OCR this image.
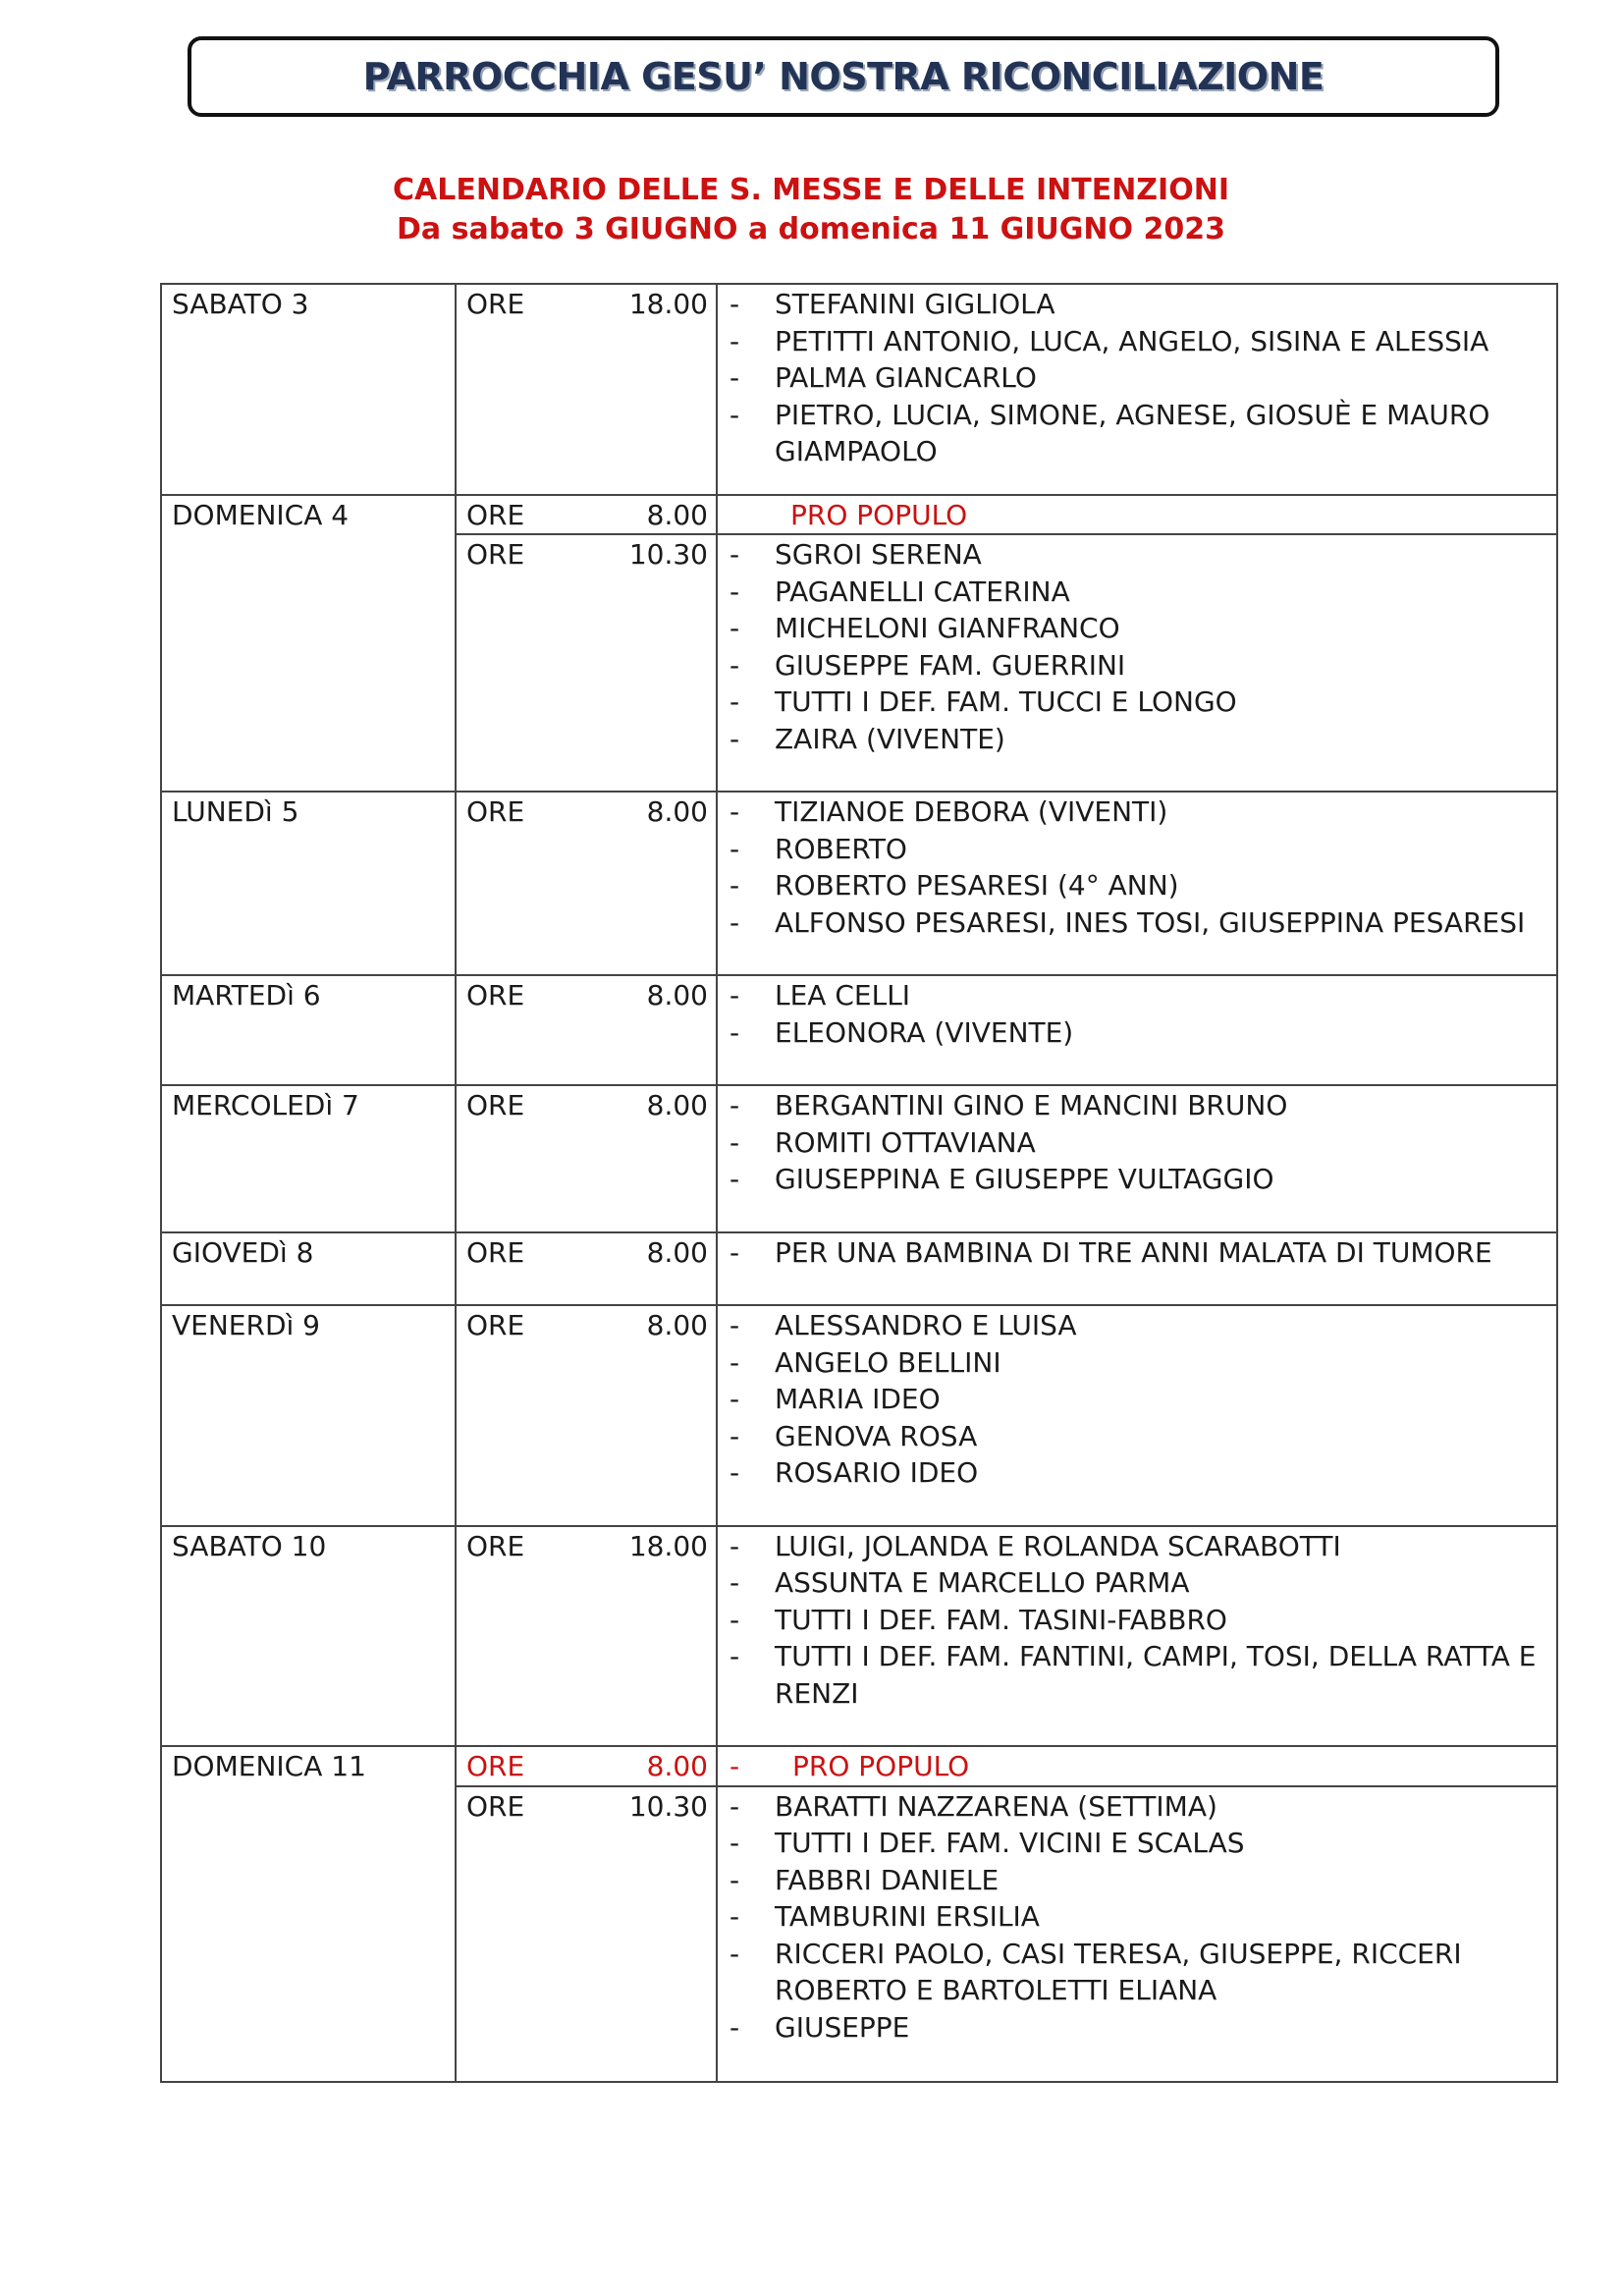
PARROCCHIA GESU’ NOSTRA RICONCILIAZIONE
CALENDARIO DELLE S. MESSE E DELLE INTENZIONI
Da sabato 3 GIUGNO a domenica 11 GIUGNO 2023
SABATO 3	ORE	18.00 -	STEFANINI GIGLIOLA
-	PETITTI ANTONIO, LUCA, ANGELO, SISINA E ALESSIA
-	PALMA GIANCARLO
-	PIETRO, LUCIA, SIMONE, AGNESE, GIOSUÈ E MAURO GIAMPAOLO
DOMENICA 4	ORE	8.00	PRO POPULO
ORE	10.30 -	SGROI SERENA
-	PAGANELLI CATERINA
-	MICHELONI GIANFRANCO
-	GIUSEPPE FAM. GUERRINI
-	TUTTI I DEF. FAM. TUCCI E LONGO
-	ZAIRA (VIVENTE)
LUNEDì 5	ORE	8.00 -	TIZIANOE DEBORA (VIVENTI)
-	ROBERTO
-	ROBERTO PESARESI (4° ANN)
-	ALFONSO PESARESI, INES TOSI, GIUSEPPINA PESARESI
MARTEDì 6	ORE	8.00 -	LEA CELLI
-	ELEONORA (VIVENTE)
MERCOLEDì 7	ORE	8.00 -	BERGANTINI GINO E MANCINI BRUNO
-	ROMITI OTTAVIANA
-	GIUSEPPINA E GIUSEPPE VULTAGGIO
GIOVEDì 8	ORE	8.00 -	PER UNA BAMBINA DI TRE ANNI MALATA DI TUMORE
VENERDì 9	ORE	8.00 -	ALESSANDRO E LUISA
-	ANGELO BELLINI
-	MARIA IDEO
-	GENOVA ROSA
-	ROSARIO IDEO
SABATO 10	ORE	18.00 -	LUIGI, JOLANDA E ROLANDA SCARABOTTI
-	ASSUNTA E MARCELLO PARMA
-	TUTTI I DEF. FAM. TASINI-FABBRO
-	TUTTI I DEF. FAM. FANTINI, CAMPI, TOSI, DELLA RATTA E RENZI
DOMENICA 11	ORE	8.00 -	PRO POPULO
ORE	10.30 -	BARATTI NAZZARENA (SETTIMA)
-	TUTTI I DEF. FAM. VICINI E SCALAS
-	FABBRI DANIELE
-	TAMBURINI ERSILIA
-	RICCERI PAOLO, CASI TERESA, GIUSEPPE, RICCERI ROBERTO E BARTOLETTI ELIANA
-	GIUSEPPE
